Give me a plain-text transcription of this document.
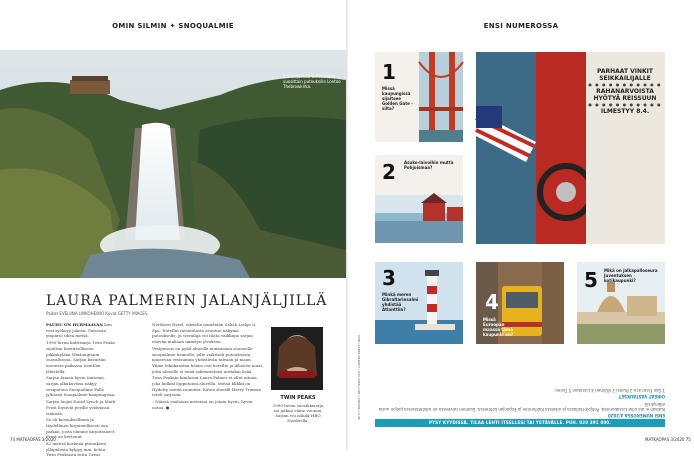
OMIN SILMIN ✦ SNOQUALMIE
1,5 miljoonaa turistia/ajaa vuosittain putouksille Lontoo Thebrowkirka.
LAURA PALMERIN JALANJÄLJILLÄ
Paikat EVELIINA LINKOHEIMO Kuvat GETTY IMAGES

PAUHU ON HURMAAVAN kun vesi syöksyy jokeen. Putousta ympäröi tiheä metsä.

1990-luvun kulttisarja Twin Peaks sijoittuu kuvitteelliseen pikkukylään Washingtonin osavaltiossa. Sarjan kuvattiin monessa paikassa Seattlen lähistöllä.

Sarjan fanien hyvin tuntema, sarjan alkukuvissa näkyy vesiputous Snoqualmie Falls jylhässä Snoqualmie-kaupungissa.

Sarjan luojat David Lynch ja Mark Frost löysivät perille ystävänsä vinkistä.

Se oli kuvauksellinen ja täydellinen kirjaimellisesti sen paikan, josta olimme kirjoittaneet, Frost on kertonut.

82 metriä korkean putouksen ylläpidosta kylpyy mm. kohta Twin Peaksista tuttu Great

Northern Hotel, oikealta nimeltään Salish Lodge & Spa. Hotellin ravintolasta avautuu näkymä putoukselle, ja vierailija voi tilata vaikkapa sarjan etsivän mukaan nimetyn ylvoksen.

Vesiputous on pyhä alueella muinaisina asuneelle snoqualmie-heimolle, jolle vaikeasti putouksesta nousevan vesisumun yhdistävän taivaan ja maan. Viime lukukausina heimo osti hotellin ja lähistön maat, jotta alueelle ei enää rakennettaisi uuttakin lisää.

Twin Peaksin kuuluisat Laura Palmer ei ollut aitona, joka kulkisi lopputoimi alueella. Metsä klikkii on Hydetty useita ruumiita. Kuten sheriffi Harry Truman toteli sarjassa:

– Näissä vaaleissa metsissä on jotain hyvin, hyvin outoa. ●

TWIN PEAKS
1990-luvun suosikkisarja sai jatkoa viime vuonna. Sarjan voi nähdä HBO Nordicilla.
74 MATKAOPAS 3/2020
ENSI NUMEROSSA
1
Missä kaupungissa sijaitsee Golden Gate -silta?
2 Asuko-laivoihin mutta Pohjoismaa?
3
Minkä meren Gibraltarinsalmi yhdistää Atlanttiin?	4
Missä Euroopan maassa tämä kaupunki on?
5 Mikä on jalkapalloseura Juventuksen kotikaupunki?
PARHAAT VINKIT
SEIKKAILIJALLE
● ● ● ● ● ● ● ● ● ● ●
RAHANARVOISTA
HYÖTYÄ REISSUUN
● ● ● ● ● ● ● ● ● ● ●
ILMESTYY 8.4.
GETTY IMAGES / SHUTTERSTOCK / CAMERA PRESS / RMA	ENSI NUMEROSSA 4/2020
Kukaan ei ole ollut Lissabonissa, Pohjois-Italiassa ja oikeissa Kalifornian ja Espanjan kohteissa. Suomen toiveessa on odotettavissa paljon uusia elämyksiä.
OIKEAT VASTAUKSET
1 San Francisco 2 Ruotsi 3 Välimeri 4 Lissabon 5 Torino
PYSY KYYDISSÄ. TILAA LEHTI ITSELLESI TAI YSTÄVÄLLE. PUH. 020 391 000.
MATKAOPAS 3/2020 75
